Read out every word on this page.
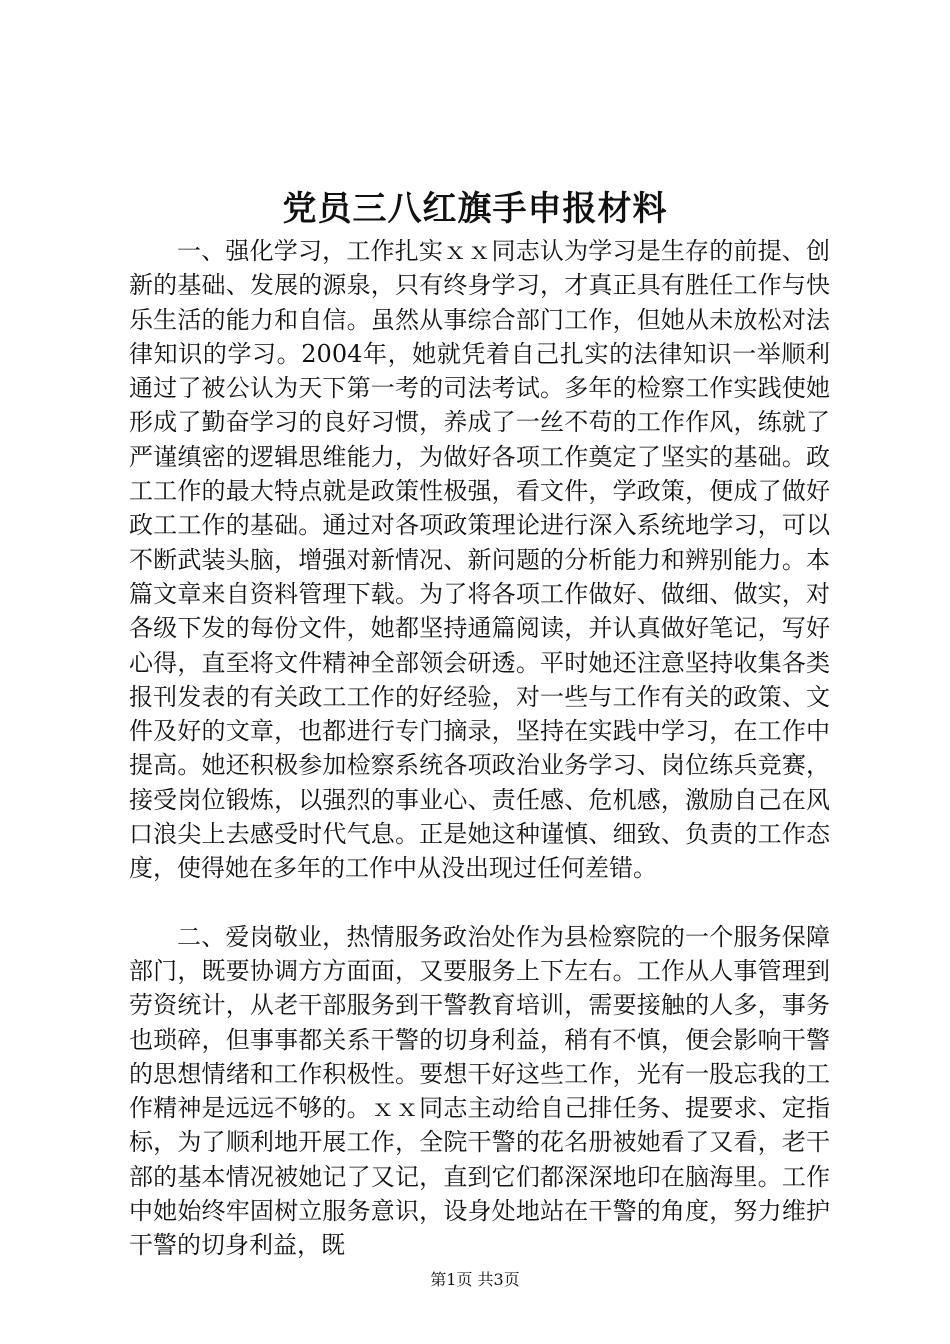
党员三八红旗手申报材料

一、强化学习，工作扎实ｘｘ同志认为学习是生存的前提、创新的基础、发展的源泉，只有终身学习，才真正具有胜任工作与快乐生活的能力和自信。虽然从事综合部门工作，但她从未放松对法律知识的学习。2004年，她就凭着自己扎实的法律知识一举顺利通过了被公认为天下第一考的司法考试。多年的检察工作实践使她形成了勤奋学习的良好习惯，养成了一丝不苟的工作作风，练就了严谨缜密的逻辑思维能力，为做好各项工作奠定了坚实的基础。政工工作的最大特点就是政策性极强，看文件，学政策，便成了做好政工工作的基础。通过对各项政策理论进行深入系统地学习，可以不断武装头脑，增强对新情况、新问题的分析能力和辨别能力。本篇文章来自资料管理下载。为了将各项工作做好、做细、做实，对各级下发的每份文件，她都坚持通篇阅读，并认真做好笔记，写好心得，直至将文件精神全部领会研透。平时她还注意坚持收集各类报刊发表的有关政工工作的好经验，对一些与工作有关的政策、文件及好的文章，也都进行专门摘录，坚持在实践中学习，在工作中提高。她还积极参加检察系统各项政治业务学习、岗位练兵竞赛，接受岗位锻炼，以强烈的事业心、责任感、危机感，激励自己在风口浪尖上去感受时代气息。正是她这种谨慎、细致、负责的工作态度，使得她在多年的工作中从没出现过任何差错。

二、爱岗敬业，热情服务政治处作为县检察院的一个服务保障部门，既要协调方方面面，又要服务上下左右。工作从人事管理到劳资统计，从老干部服务到干警教育培训，需要接触的人多，事务也琐碎，但事事都关系干警的切身利益，稍有不慎，便会影响干警的思想情绪和工作积极性。要想干好这些工作，光有一股忘我的工作精神是远远不够的。ｘｘ同志主动给自己排任务、提要求、定指标，为了顺利地开展工作，全院干警的花名册被她看了又看，老干部的基本情况被她记了又记，直到它们都深深地印在脑海里。工作中她始终牢固树立服务意识，设身处地站在干警的角度，努力维护干警的切身利益，既

第1页 共3页
